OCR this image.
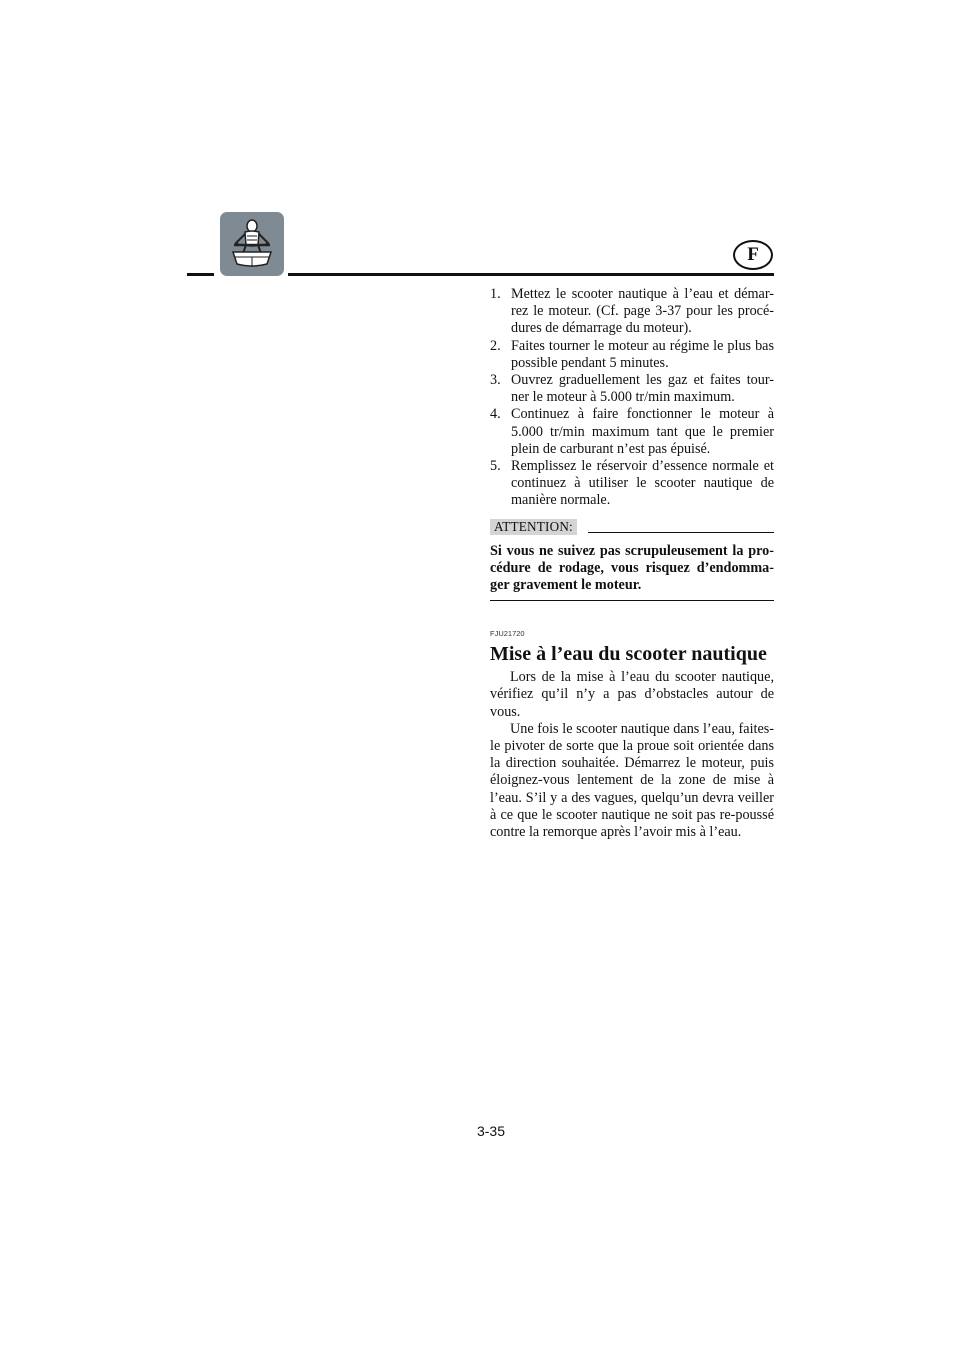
F
1. Mettez le scooter nautique à l’eau et démar-rez le moteur. (Cf. page 3-37 pour les procé-dures de démarrage du moteur).
2. Faites tourner le moteur au régime le plus bas possible pendant 5 minutes.
3. Ouvrez graduellement les gaz et faites tour-ner le moteur à 5.000 tr/min maximum.
4. Continuez à faire fonctionner le moteur à 5.000 tr/min maximum tant que le premier plein de carburant n’est pas épuisé.
5. Remplissez le réservoir d’essence normale et continuez à utiliser le scooter nautique de manière normale.
ATTENTION:
Si vous ne suivez pas scrupuleusement la pro-cédure de rodage, vous risquez d’endomma-ger gravement le moteur.
FJU21720
Mise à l’eau du scooter nautique

Lors de la mise à l’eau du scooter nautique, vérifiez qu’il n’y a pas d’obstacles autour de vous.

Une fois le scooter nautique dans l’eau, faites-le pivoter de sorte que la proue soit orientée dans la direction souhaitée. Démarrez le moteur, puis éloignez-vous lentement de la zone de mise à l’eau. S’il y a des vagues, quelqu’un devra veiller à ce que le scooter nautique ne soit pas re-poussé contre la remorque après l’avoir mis à l’eau.

3-35
